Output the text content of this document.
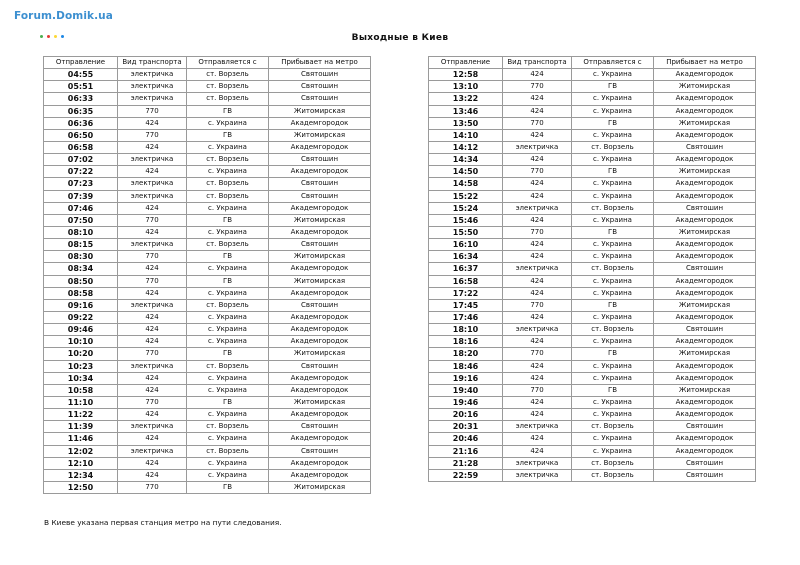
Forum.Domik.ua
Выходные в Киев
Отправление	Вид транспорта	Отправляется с	Прибывает на метро
04:55	электричка	ст. Ворзель	Святошин
05:51	электричка	ст. Ворзель	Святошин
06:33	электричка	ст. Ворзель	Святошин
06:35	770	ГВ	Житомирская
06:36	424	с. Украина	Академгородок
06:50	770	ГВ	Житомирская
06:58	424	с. Украина	Академгородок
07:02	электричка	ст. Ворзель	Святошин
07:22	424	с. Украина	Академгородок
07:23	электричка	ст. Ворзель	Святошин
07:39	электричка	ст. Ворзель	Святошин
07:46	424	с. Украина	Академгородок
07:50	770	ГВ	Житомирская
08:10	424	с. Украина	Академгородок
08:15	электричка	ст. Ворзель	Святошин
08:30	770	ГВ	Житомирская
08:34	424	с. Украина	Академгородок
08:50	770	ГВ	Житомирская
08:58	424	с. Украина	Академгородок
09:16	электричка	ст. Ворзель	Святошин
09:22	424	с. Украина	Академгородок
09:46	424	с. Украина	Академгородок
10:10	424	с. Украина	Академгородок
10:20	770	ГВ	Житомирская
10:23	электричка	ст. Ворзель	Святошин
10:34	424	с. Украина	Академгородок
10:58	424	с. Украина	Академгородок
11:10	770	ГВ	Житомирская
11:22	424	с. Украина	Академгородок
11:39	электричка	ст. Ворзель	Святошин
11:46	424	с. Украина	Академгородок
12:02	электричка	ст. Ворзель	Святошин
12:10	424	с. Украина	Академгородок
12:34	424	с. Украина	Академгородок
12:50	770	ГВ	Житомирская
Отправление	Вид транспорта	Отправляется с	Прибывает на метро
12:58	424	с. Украина	Академгородок
13:10	770	ГВ	Житомирская
13:22	424	с. Украина	Академгородок
13:46	424	с. Украина	Академгородок
13:50	770	ГВ	Житомирская
14:10	424	с. Украина	Академгородок
14:12	электричка	ст. Ворзель	Святошин
14:34	424	с. Украина	Академгородок
14:50	770	ГВ	Житомирская
14:58	424	с. Украина	Академгородок
15:22	424	с. Украина	Академгородок
15:24	электричка	ст. Ворзель	Святошин
15:46	424	с. Украина	Академгородок
15:50	770	ГВ	Житомирская
16:10	424	с. Украина	Академгородок
16:34	424	с. Украина	Академгородок
16:37	электричка	ст. Ворзель	Святошин
16:58	424	с. Украина	Академгородок
17:22	424	с. Украина	Академгородок
17:45	770	ГВ	Житомирская
17:46	424	с. Украина	Академгородок
18:10	электричка	ст. Ворзель	Святошин
18:16	424	с. Украина	Академгородок
18:20	770	ГВ	Житомирская
18:46	424	с. Украина	Академгородок
19:16	424	с. Украина	Академгородок
19:40	770	ГВ	Житомирская
19:46	424	с. Украина	Академгородок
20:16	424	с. Украина	Академгородок
20:31	электричка	ст. Ворзель	Святошин
20:46	424	с. Украина	Академгородок
21:16	424	с. Украина	Академгородок
21:28	электричка	ст. Ворзель	Святошин
22:59	электричка	ст. Ворзель	Святошин
В Киеве указана первая станция метро на пути следования.
